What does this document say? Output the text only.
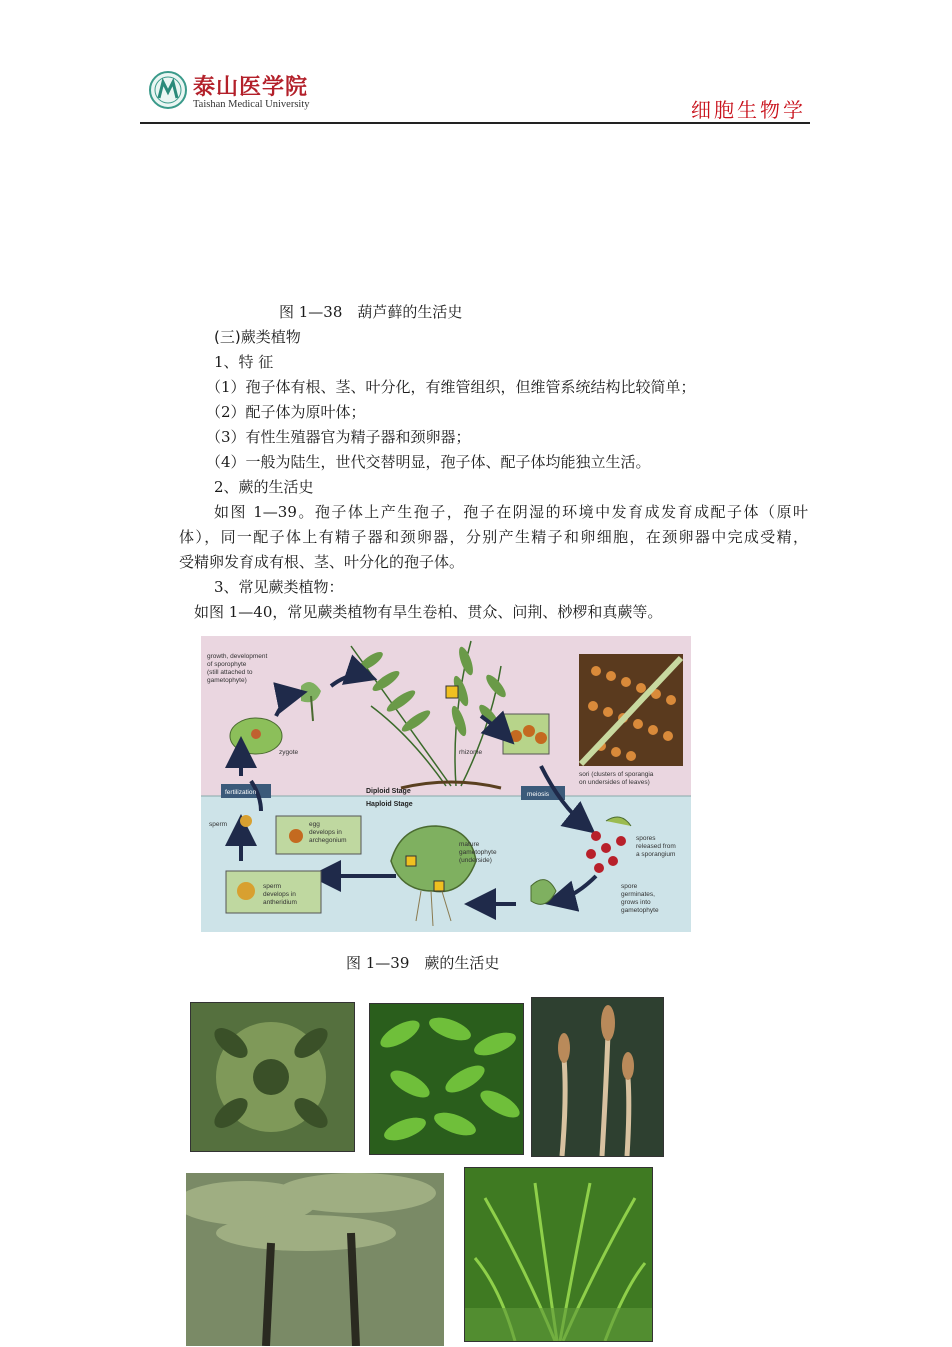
泰山医学院
Taishan Medical University	细胞生物学
图 1—38　葫芦藓的生活史
(三)蕨类植物
1、特 征
（1）孢子体有根、茎、叶分化，有维管组织，但维管系统结构比较简单；
（2）配子体为原叶体；
（3）有性生殖器官为精子器和颈卵器；
（4）一般为陆生，世代交替明显，孢子体、配子体均能独立生活。
2、蕨的生活史
如图 1—39。孢子体上产生孢子，孢子在阴湿的环境中发育成发育成配子体（原叶
体），同一配子体上有精子器和颈卵器，分别产生精子和卵细胞，在颈卵器中完成受精，
受精卵发育成有根、茎、叶分化的孢子体。
3、常见蕨类植物：
如图 1—40，常见蕨类植物有旱生卷柏、贯众、问荆、桫椤和真蕨等。
growth, development
of sporophyte
(still attached to
gametophyte)
zygote	rhizome
sori (clusters of sporangia
on undersides of leaves)
spores
released from
a sporangium
spore
germinates,
grows into
gametophyte
mature
gametophyte
(underside)
egg
develops in
archegonium
sperm
sperm
develops in
antheridium
Diploid Stage
Haploid Stage
fertilization	meiosis
图 1—39　蕨的生活史
